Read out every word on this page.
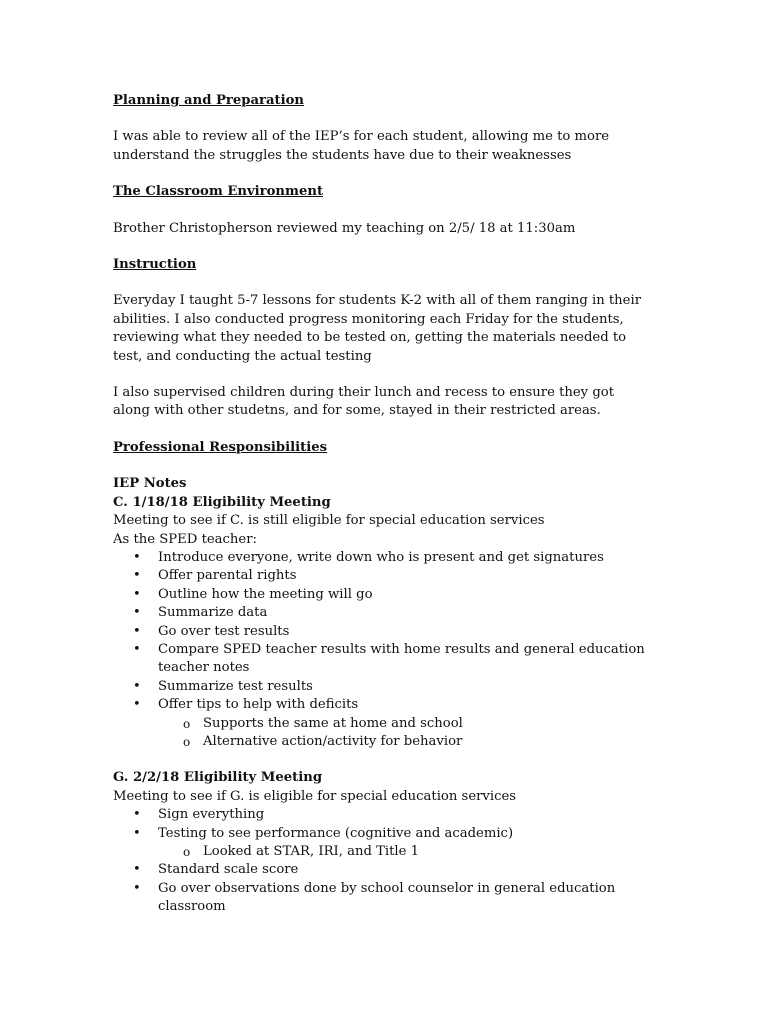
Planning and Preparation

I was able to review all of the IEP’s for each student, allowing me to more understand the struggles the students have due to their weaknesses

The Classroom Environment

Brother Christopherson reviewed my teaching on 2/5/ 18 at 11:30am

Instruction

Everyday I taught 5-7 lessons for students K-2 with all of them ranging in their abilities. I also conducted progress monitoring each Friday for the students, reviewing what they needed to be tested on, getting the materials needed to test, and conducting the actual testing

I also supervised children during their lunch and recess to ensure they got along with other studetns, and for some, stayed in their restricted areas.

Professional Responsibilities

IEP Notes

C. 1/18/18 Eligibility Meeting

Meeting to see if C. is still eligible for special education services

As the SPED teacher:

• Introduce everyone, write down who is present and get signatures
• Offer parental rights
• Outline how the meeting will go
• Summarize data
• Go over test results
• Compare SPED teacher results with home results and general education teacher notes
• Summarize test results
• Offer tips to help with deficits
o Supports the same at home and school
o Alternative action/activity for behavior

G. 2/2/18 Eligibility Meeting

Meeting to see if G. is eligible for special education services

• Sign everything
• Testing to see performance (cognitive and academic)
o Looked at STAR, IRI, and Title 1
• Standard scale score
• Go over observations done by school counselor in general education classroom
